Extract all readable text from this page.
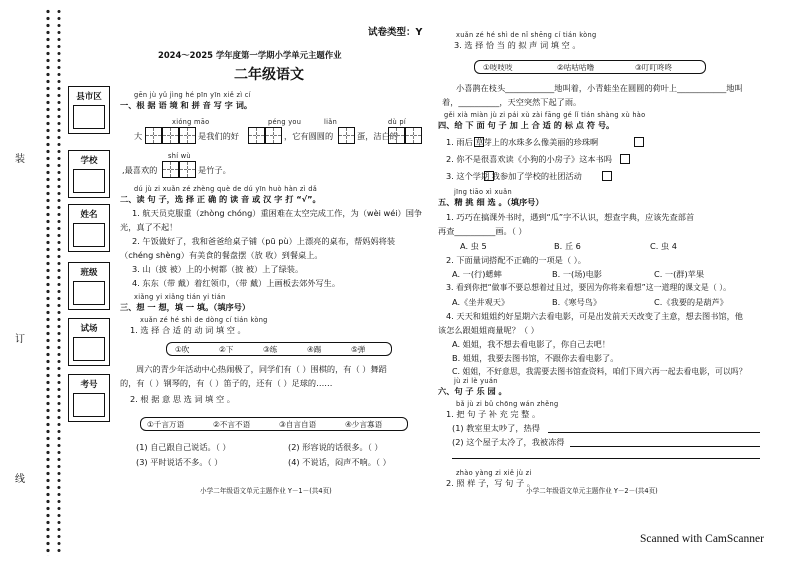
装
订
线
县市区
学校
姓名
班级
试场
考号
试卷类型：Y
2024～2025 学年度第一学期小学单元主题作业
二年级语文
gēn jù yǔ jìng hé pīn yīn xiě zì cí
一、根 据 语 境 和 拼 音 写 字 词。
xióng māo	péng you	liǎn	dù pí
大	是我们的好	，它有圆圆的	蛋，洁白的
shí wù
,最喜欢的	是竹子。
dú jù zi xuǎn zé zhèng què de dú yīn huò hàn zì dǎ
二、读 句 子，选 择 正 确 的 读 音 或 汉 字 打 “√”。
1. 航天员克服重（zhòng chóng）重困难在太空完成工作，为（wèi wéi）国争
光，真了不起！
2. 午饭做好了，我和爸爸给桌子铺（pū pù）上漂亮的桌布，帮妈妈将装
（chéng shèng）有美食的餐盘摆（放 收）到餐桌上。
3. 山（披 被）上的小树都（披 被）上了绿装。
4. 东东（带 戴）着红领巾，（带 戴）上画板去郊外写生。
xiǎng yi xiǎng tián yi tián
三、想 一 想，填 一 填。（填序号）
xuǎn zé hé shì de dòng cí tián kòng
1. 选 择 合 适 的 动 词 填 空 。
①吹	②下	③练	④踢	⑤弹
周六的青少年活动中心热闹极了，同学们有（ ）围棋的，有（ ）舞蹈
的，有（ ）钢琴的，有（ ）笛子的，还有（ ）足球的……
2. 根 据 意 思 选 词 填 空 。
①千言万语	②不言不语	③自言自语	④少言寡语
(1) 自己跟自己说话。（ ）	(2) 形容说的话很多。（ ）
(3) 平时说话不多。（ ）	(4) 不说话，闷声不响。（ ）
小学二年级语文单元主题作业 Y－1－(共4页)
xuǎn zé hé shì de nǐ shēng cí tián kòng
3. 选 择 恰 当 的 拟 声 词 填 空 。
①吱吱吱	②咕咕咕噜	③叮叮咚咚
小喜鹊在枝头____________地叫着，小青蛙坐在圆圆的荷叶上____________地叫
着，__________，天空突然下起了雨。
gěi xià miàn jù zi pái xù zài fāng gé lǐ tián shàng xù hào
四、给 下 面 句 子 加 上 合 适 的 标 点 符 号。
1. 雨后 草芽上的水珠多么像美丽的珍珠啊
2. 你不是很喜欢读《小狗的小房子》这本书吗
3. 这个学期 我参加了学校的社团活动
jīng tiāo xì xuǎn
五、精 挑 细 选 。（填序号）
1. 巧巧在搞课外书时，遇到“瓜”字不认识，想查字典，应该先查部首
再查__________画。（ ）
A. 虫 5	B. 丘 6	C. 虫 4
2. 下面量词搭配不正确的一项是（ ）。
A. 一(行)蟋蟀	B. 一(场)电影	C. 一(群)苹果
3. 看到你把“做事不要总想着过且过，要因为你将来看想”这一道理的课文是（ ）。
A.《坐井观天》	B.《寒号鸟》	C.《我要的是葫芦》
4. 天天和姐姐约好星期六去看电影，可是出发前天天改变了主意，想去图书馆，他
该怎么跟姐姐商量呢？（ ）
A. 姐姐，我不想去看电影了，你自己去吧！
B. 姐姐，我要去图书馆，不跟你去看电影了。
C. 姐姐，不好意思，我需要去图书馆查资料，咱们下周六再一起去看电影，可以吗？
jù zi lè yuán
六、句 子 乐 园 。
bǎ jù zi bǔ chōng wán zhěng
1. 把 句 子 补 充 完 整 。
(1) 教室里太吵了，热得
(2) 这个屋子太冷了，我被冻得
zhào yàng zi xiě jù zi
2. 照 样 子，写 句 子 。
小学二年级语文单元主题作业 Y－2－(共4页)
Scanned with CamScanner
